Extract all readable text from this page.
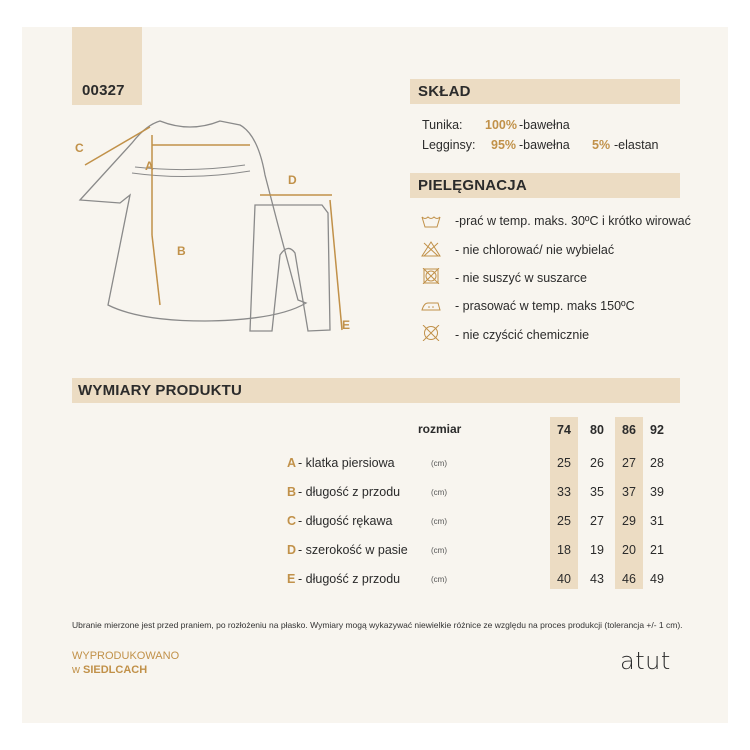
00327	SKŁAD
Tunika: 100% -bawełna
Legginsy: 95% -bawełna 5% -elastan
PIELĘGNACJA
-prać w temp. maks. 30ºC i krótko wirować
- nie chlorować/ nie wybielać
- nie suszyć w suszarce
- prasować w temp. maks 150ºC
- nie czyścić chemicznie
A
B
C
D
E
WYMIARY PRODUKTU
rozmiar	74	80	86	92
A - klatka piersiowa	(cm)	25	26	27	28
B - długość z przodu	(cm)	33	35	37	39
C - długość rękawa	(cm)	25	27	29	31
D - szerokość w pasie	(cm)	18	19	20	21
E - długość z przodu	(cm)	40	43	46	49
Ubranie mierzone jest przed praniem, po rozłożeniu na płasko. Wymiary mogą wykazywać niewielkie różnice ze względu na proces produkcji (tolerancja +/- 1 cm).
WYPRODUKOWANO
w SIEDLCACH	atut
